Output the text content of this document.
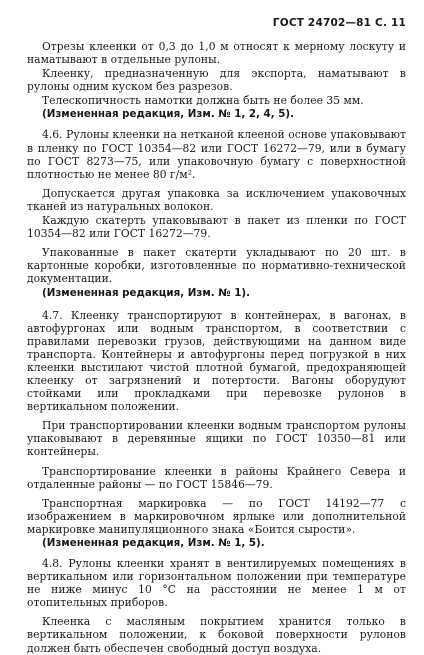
ГОСТ 24702—81 С. 11

Отрезы клеенки от 0,3 до 1,0 м относят к мерному лоскуту и наматывают в отдельные рулоны.

Клеенку, предназначенную для экспорта, наматывают в рулоны одним куском без разрезов.

Телескопичность намотки должна быть не более 35 мм.

(Измененная редакция, Изм. № 1, 2, 4, 5).

4.6. Рулоны клеенки на нетканой клееной основе упаковывают в пленку по ГОСТ 10354—82 или ГОСТ 16272—79, или в бумагу по ГОСТ 8273—75, или упаковочную бумагу с поверхностной плотностью не менее 80 г/м².

Допускается другая упаковка за исключением упаковочных тканей из натуральных волокон.

Каждую скатерть упаковывают в пакет из пленки по ГОСТ 10354—82 или ГОСТ 16272—79.

Упакованные в пакет скатерти укладывают по 20 шт. в картонные коробки, изготовленные по нормативно-технической документации.

(Измененная редакция, Изм. № 1).

4.7. Клеенку транспортируют в контейнерах, в вагонах, в автофургонах или водным транспортом, в соответствии с правилами перевозки грузов, действующими на данном виде транспорта. Контейнеры и автофургоны перед погрузкой в них клеенки выстилают чистой плотной бумагой, предохраняющей клеенку от загрязнений и потертости. Вагоны оборудуют стойками или прокладками при перевозке рулонов в вертикальном положении.

При транспортировании клеенки водным транспортом рулоны упаковывают в деревянные ящики по ГОСТ 10350—81 или контейнеры.

Транспортирование клеенки в районы Крайнего Севера и отдаленные районы — по ГОСТ 15846—79.

Транспортная маркировка — по ГОСТ 14192—77 с изображением в маркировочном ярлыке или дополнительной маркировке манипуляционного знака «Боится сырости».

(Измененная редакция, Изм. № 1, 5).

4.8. Рулоны клеенки хранят в вентилируемых помещениях в вертикальном или горизонтальном положении при температуре не ниже минус 10 °С на расстоянии не менее 1 м от отопительных приборов.

Клеенка с масляным покрытием хранится только в вертикальном положении, к боковой поверхности рулонов должен быть обеспечен свободный доступ воздуха.
